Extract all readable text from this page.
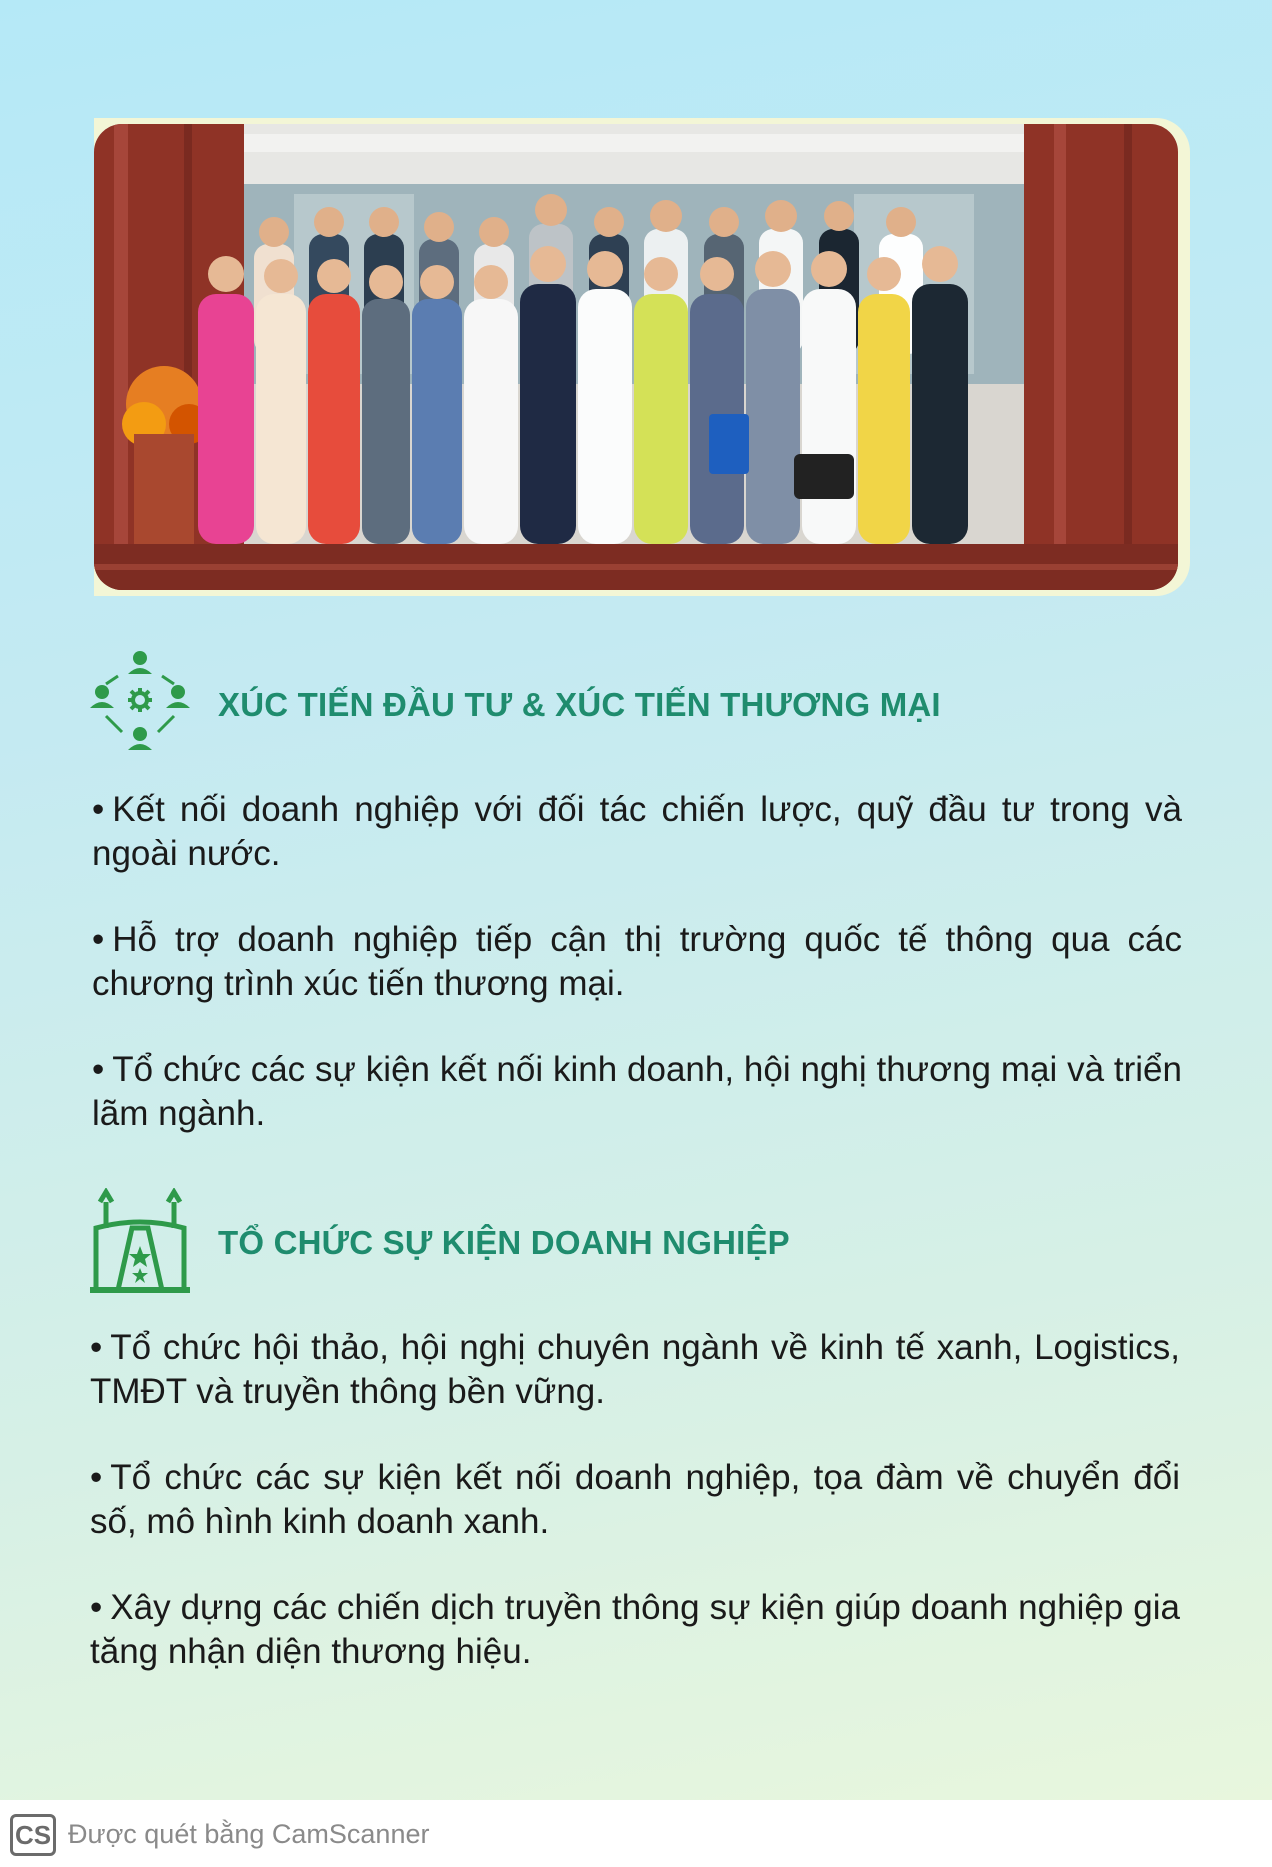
XÚC TIẾN ĐẦU TƯ & XÚC TIẾN THƯƠNG MẠI

• Kết nối doanh nghiệp với đối tác chiến lược, quỹ đầu tư trong và ngoài nước.

• Hỗ trợ doanh nghiệp tiếp cận thị trường quốc tế thông qua các chương trình xúc tiến thương mại.

• Tổ chức các sự kiện kết nối kinh doanh, hội nghị thương mại và triển lãm ngành.

TỔ CHỨC SỰ KIỆN DOANH NGHIỆP

• Tổ chức hội thảo, hội nghị chuyên ngành về kinh tế xanh, Logistics, TMĐT và truyền thông bền vững.

• Tổ chức các sự kiện kết nối doanh nghiệp, tọa đàm về chuyển đổi số, mô hình kinh doanh xanh.

• Xây dựng các chiến dịch truyền thông sự kiện giúp doanh nghiệp gia tăng nhận diện thương hiệu.

CS Được quét bằng CamScanner
